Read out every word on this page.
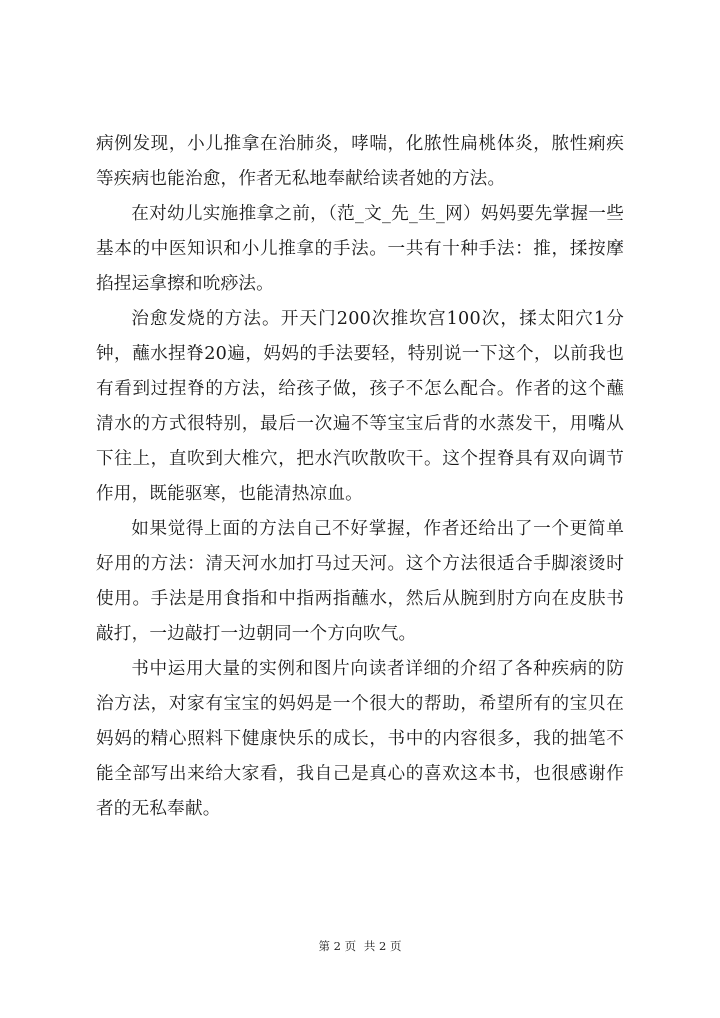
病例发现，小儿推拿在治肺炎，哮喘，化脓性扁桃体炎，脓性痢疾等疾病也能治愈，作者无私地奉献给读者她的方法。

在对幼儿实施推拿之前，（范_文_先_生_网）妈妈要先掌握一些基本的中医知识和小儿推拿的手法。一共有十种手法：推，揉按摩掐捏运拿擦和吮痧法。

治愈发烧的方法。开天门200次推坎宫100次，揉太阳穴1分钟，蘸水捏脊20遍，妈妈的手法要轻，特别说一下这个，以前我也有看到过捏脊的方法，给孩子做，孩子不怎么配合。作者的这个蘸清水的方式很特别，最后一次遍不等宝宝后背的水蒸发干，用嘴从下往上，直吹到大椎穴，把水汽吹散吹干。这个捏脊具有双向调节作用，既能驱寒，也能清热凉血。

如果觉得上面的方法自己不好掌握，作者还给出了一个更简单好用的方法：清天河水加打马过天河。这个方法很适合手脚滚烫时使用。手法是用食指和中指两指蘸水，然后从腕到肘方向在皮肤书敲打，一边敲打一边朝同一个方向吹气。

书中运用大量的实例和图片向读者详细的介绍了各种疾病的防治方法，对家有宝宝的妈妈是一个很大的帮助，希望所有的宝贝在妈妈的精心照料下健康快乐的成长，书中的内容很多，我的拙笔不能全部写出来给大家看，我自己是真心的喜欢这本书，也很感谢作者的无私奉献。

第 2 页 共 2 页
